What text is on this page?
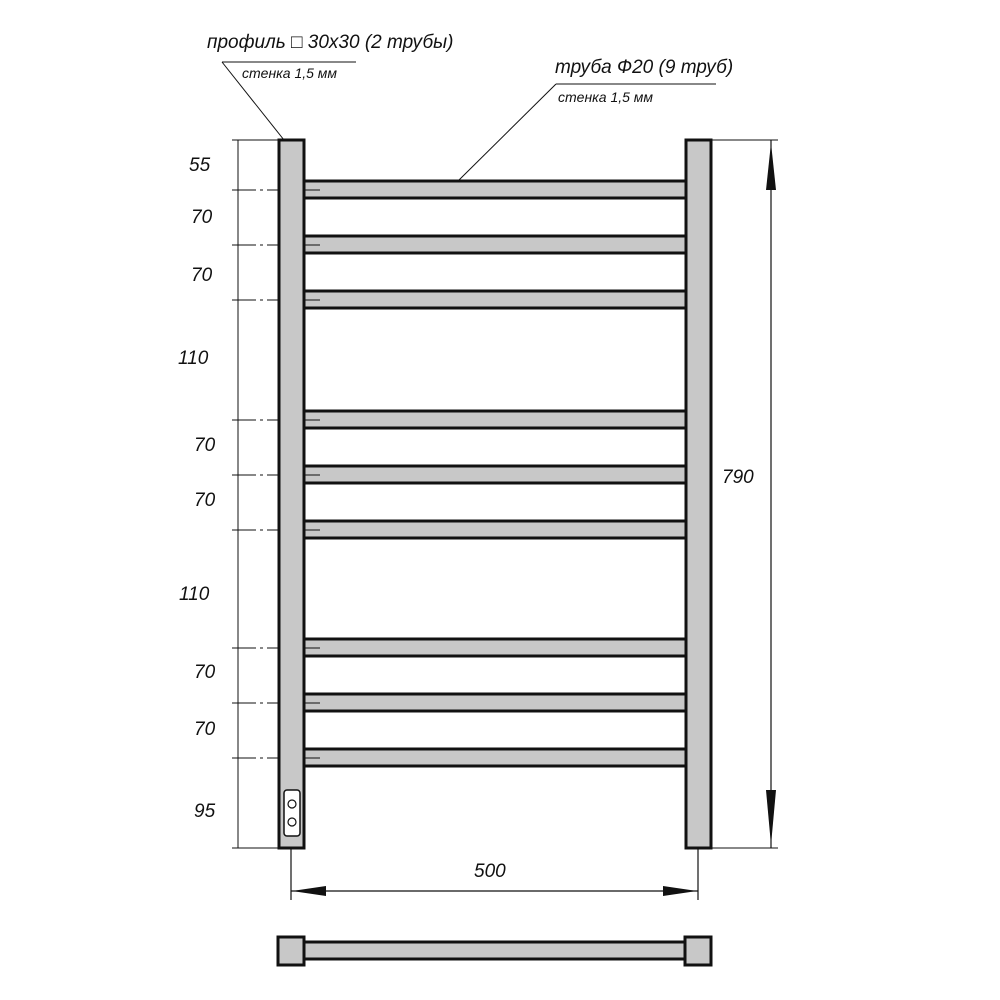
790
500
55
70
70
110
70
70
110
70
70
95
профиль □ 30x30 (2 трубы)
стенка 1,5 мм	труба Ф20 (9 труб)
стенка 1,5 мм
